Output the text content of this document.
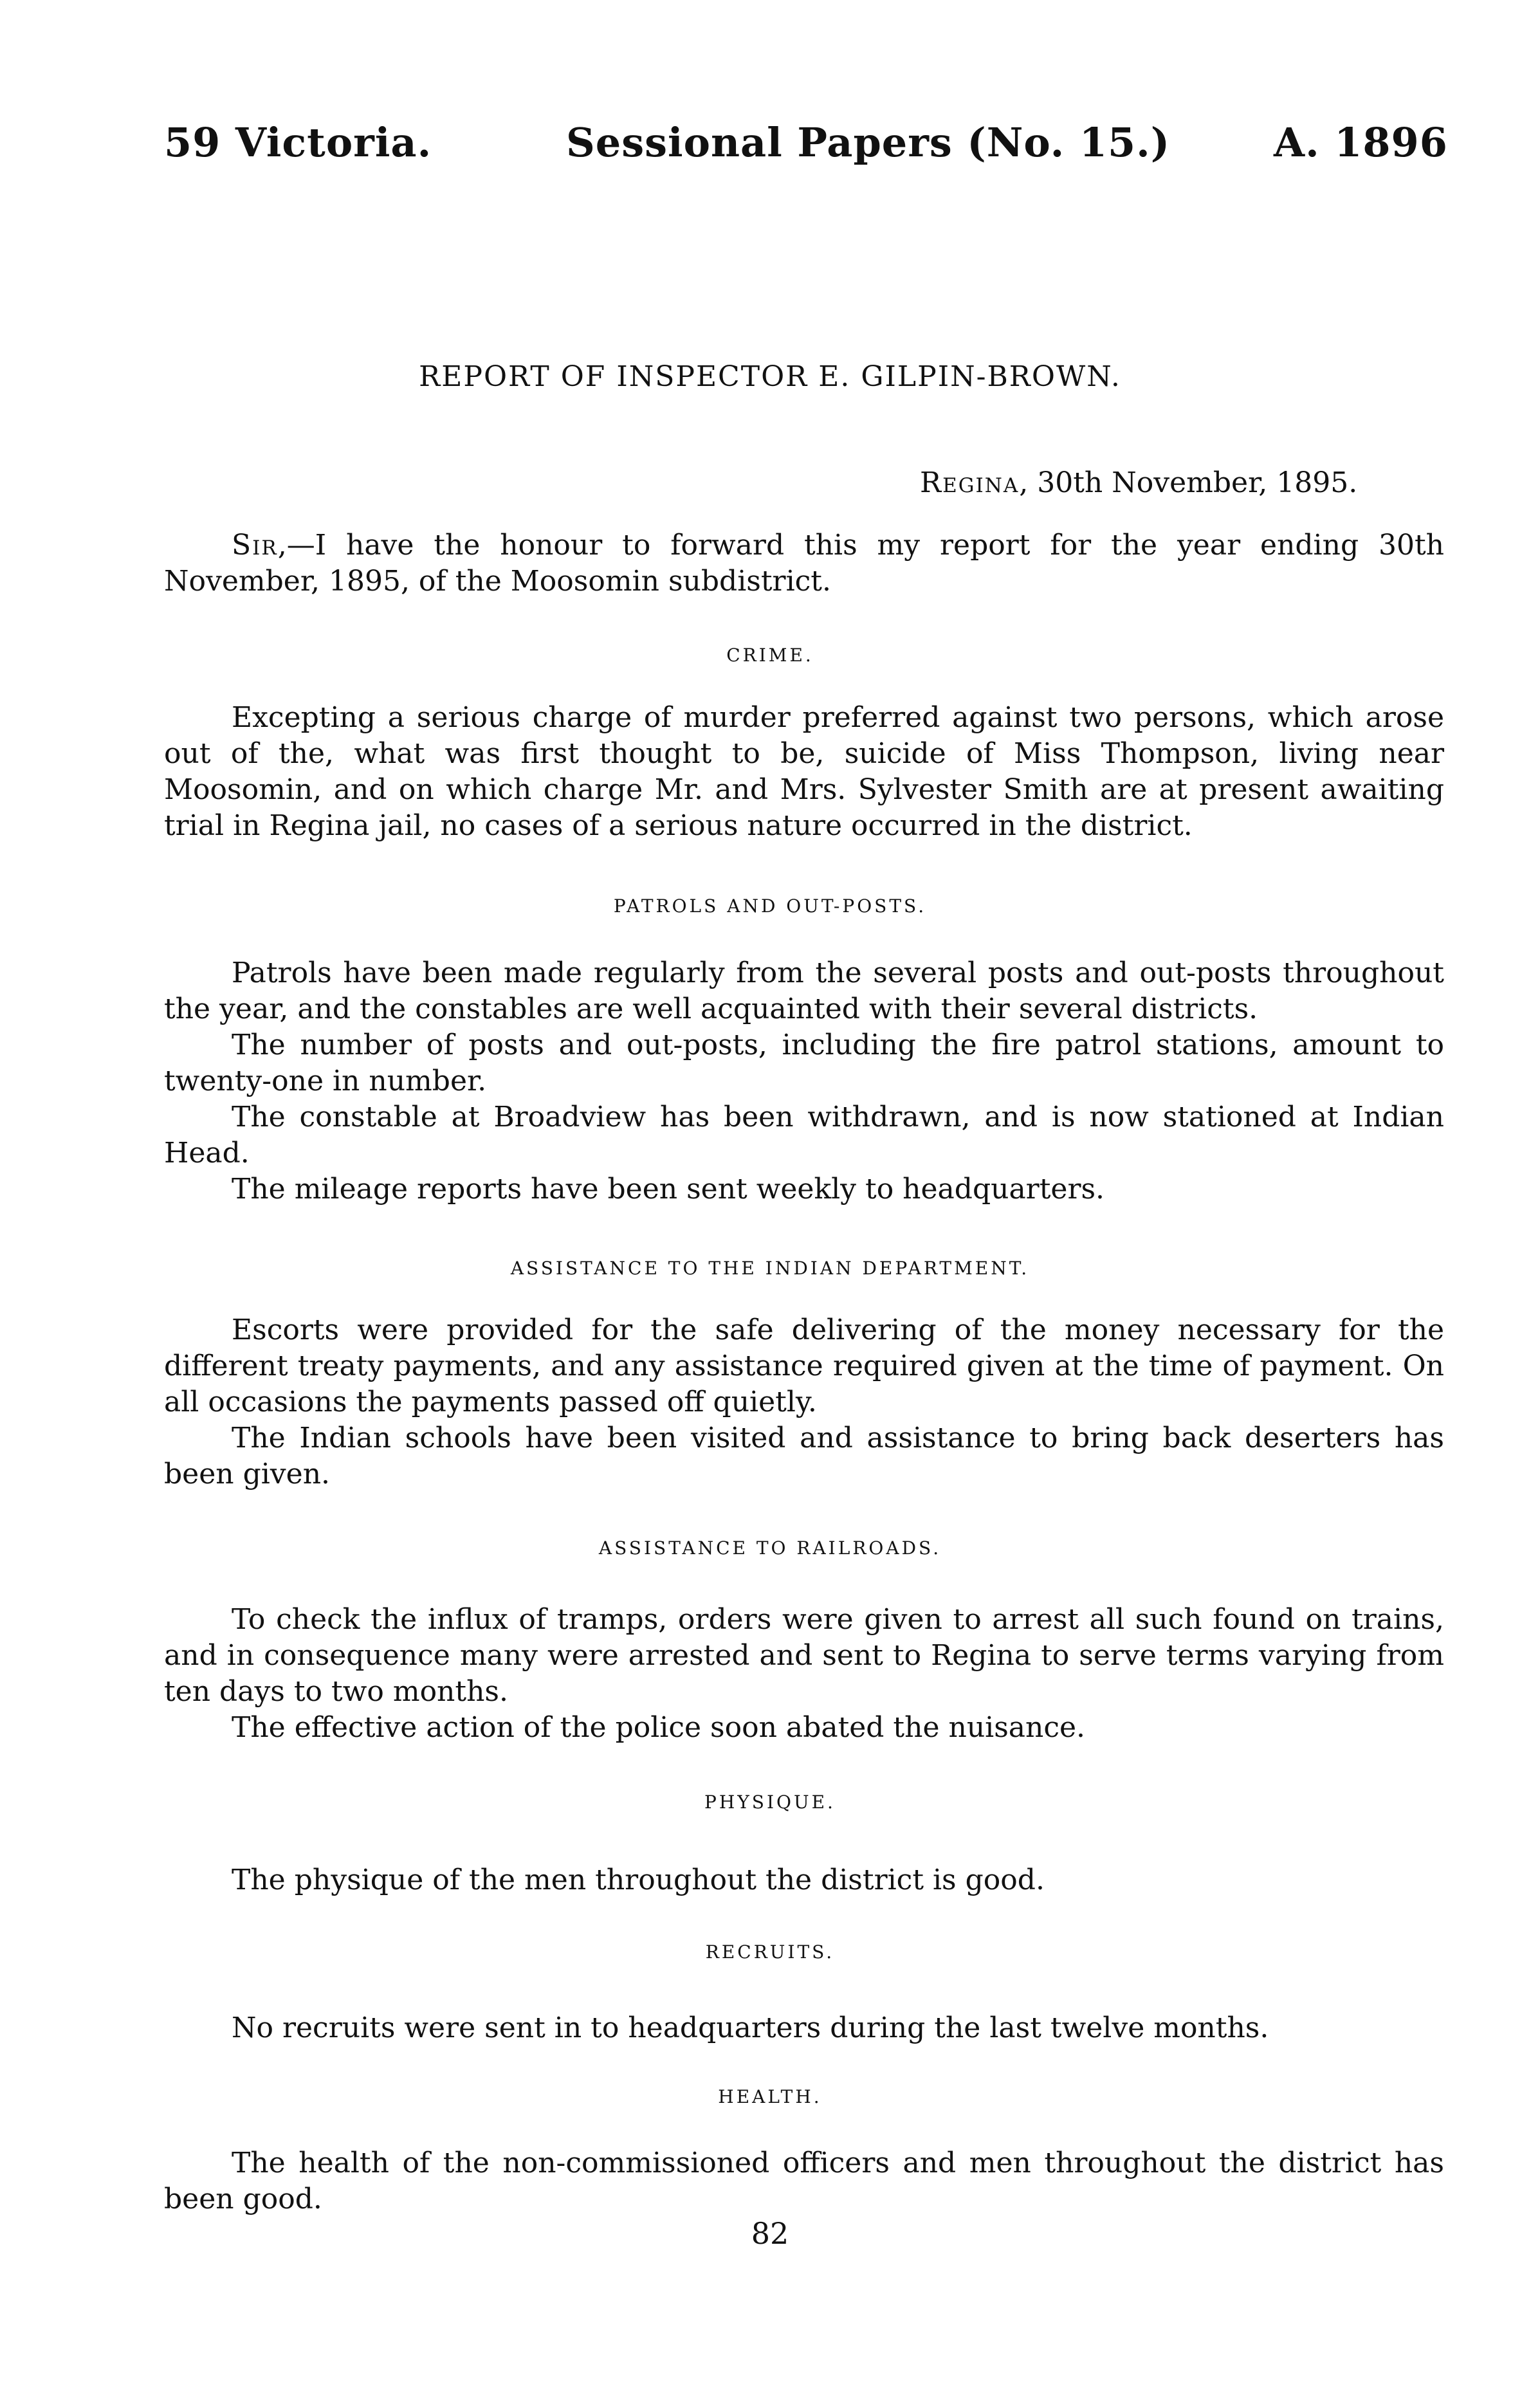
59 Victoria.	Sessional Papers (No. 15.)	A. 1896
REPORT OF INSPECTOR E. GILPIN-BROWN.
Regina, 30th November, 1895.

Sir,—I have the honour to forward this my report for the year ending 30th November, 1895, of the Moosomin subdistrict.

CRIME.

Excepting a serious charge of murder preferred against two persons, which arose out of the, what was first thought to be, suicide of Miss Thompson, living near Moosomin, and on which charge Mr. and Mrs. Sylvester Smith are at present awaiting trial in Regina jail, no cases of a serious nature occurred in the district.

PATROLS AND OUT-POSTS.

Patrols have been made regularly from the several posts and out-posts throughout the year, and the constables are well acquainted with their several districts.

The number of posts and out-posts, including the fire patrol stations, amount to twenty-one in number.

The constable at Broadview has been withdrawn, and is now stationed at Indian Head.

The mileage reports have been sent weekly to headquarters.

ASSISTANCE TO THE INDIAN DEPARTMENT.

Escorts were provided for the safe delivering of the money necessary for the different treaty payments, and any assistance required given at the time of payment. On all occasions the payments passed off quietly.

The Indian schools have been visited and assistance to bring back deserters has been given.

ASSISTANCE TO RAILROADS.

To check the influx of tramps, orders were given to arrest all such found on trains, and in consequence many were arrested and sent to Regina to serve terms varying from ten days to two months.

The effective action of the police soon abated the nuisance.

PHYSIQUE.

The physique of the men throughout the district is good.

RECRUITS.

No recruits were sent in to headquarters during the last twelve months.

HEALTH.

The health of the non-commissioned officers and men throughout the district has been good.

82
